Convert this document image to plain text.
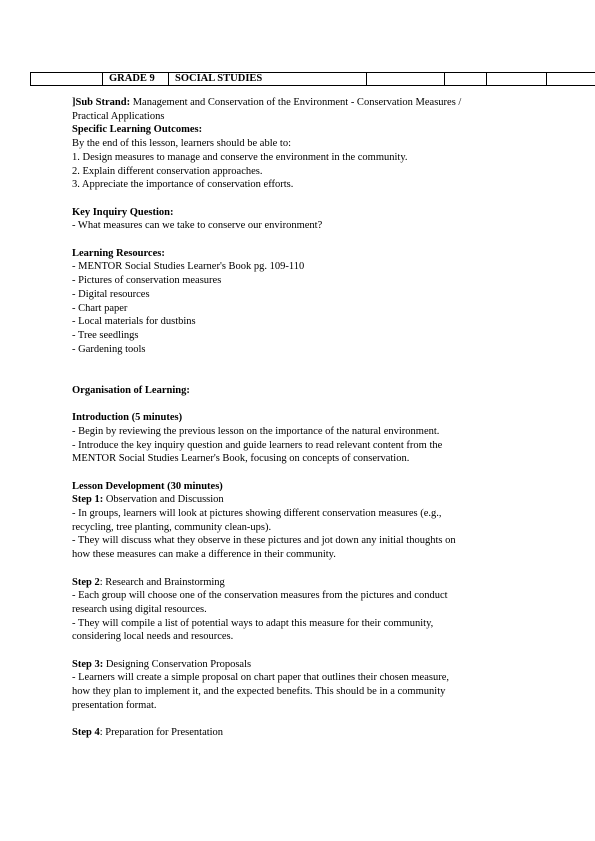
	GRADE 9	SOCIAL STUDIES				

]Sub Strand: Management and Conservation of the Environment - Conservation Measures /

Practical Applications

Specific Learning Outcomes:

By the end of this lesson, learners should be able to:

1. Design measures to manage and conserve the environment in the community.

2. Explain different conservation approaches.

3. Appreciate the importance of conservation efforts.

Key Inquiry Question:

- What measures can we take to conserve our environment?

Learning Resources:

- MENTOR Social Studies Learner's Book pg. 109-110

- Pictures of conservation measures

- Digital resources

- Chart paper

- Local materials for dustbins

- Tree seedlings

- Gardening tools

Organisation of Learning:

Introduction (5 minutes)

- Begin by reviewing the previous lesson on the importance of the natural environment.

- Introduce the key inquiry question and guide learners to read relevant content from the

MENTOR Social Studies Learner's Book, focusing on concepts of conservation.

Lesson Development (30 minutes)

Step 1: Observation and Discussion

- In groups, learners will look at pictures showing different conservation measures (e.g.,

recycling, tree planting, community clean-ups).

- They will discuss what they observe in these pictures and jot down any initial thoughts on

how these measures can make a difference in their community.

Step 2: Research and Brainstorming

- Each group will choose one of the conservation measures from the pictures and conduct

research using digital resources.

- They will compile a list of potential ways to adapt this measure for their community,

considering local needs and resources.

Step 3: Designing Conservation Proposals

- Learners will create a simple proposal on chart paper that outlines their chosen measure,

how they plan to implement it, and the expected benefits. This should be in a community

presentation format.

Step 4: Preparation for Presentation
